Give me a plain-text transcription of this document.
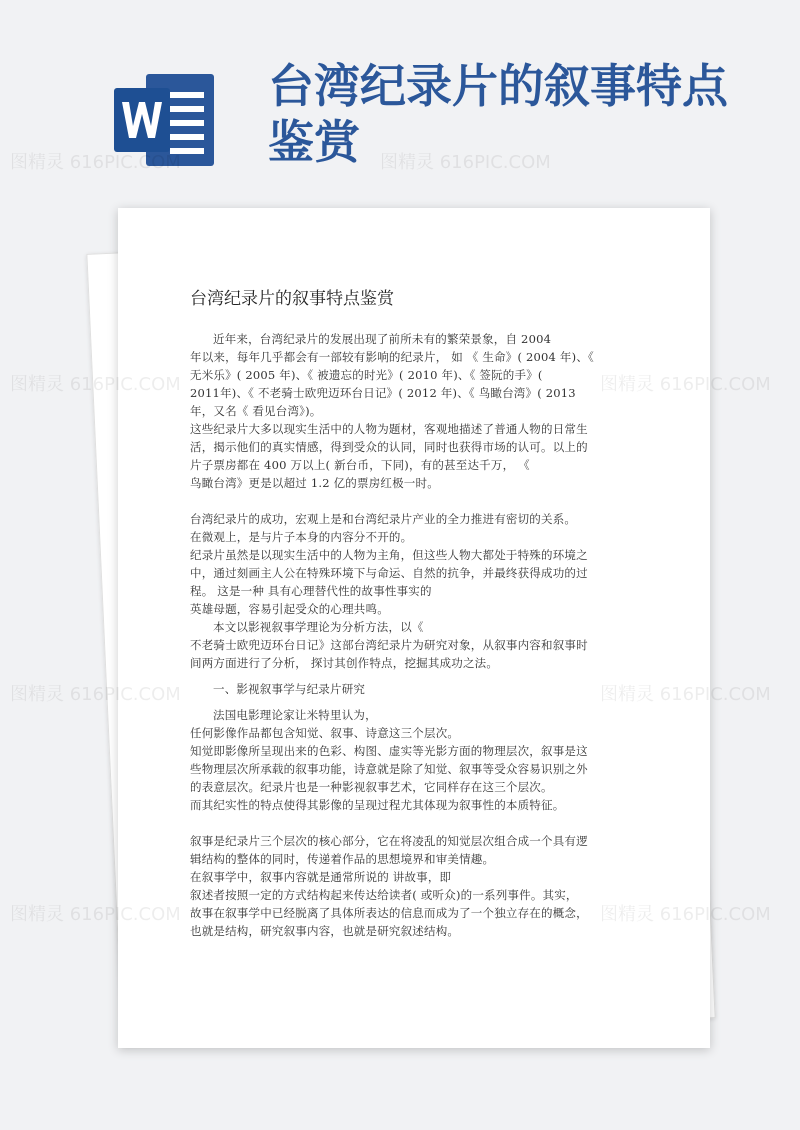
台湾纪录片的叙事特点鉴赏
台湾纪录片的叙事特点鉴赏

近年来，台湾纪录片的发展出现了前所未有的繁荣景象，自 2004

年以来，每年几乎都会有一部较有影响的纪录片， 如 《 生命》( 2004 年)、《

无米乐》( 2005 年)、《 被遗忘的时光》( 2010 年)、《 签阮的手》(

2011年)、《 不老骑士欧兜迈环台日记》( 2012 年)、《 鸟瞰台湾》( 2013

年，又名《 看见台湾》)。

这些纪录片大多以现实生活中的人物为题材，客观地描述了普通人物的日常生

活，揭示他们的真实情感，得到受众的认同，同时也获得市场的认可。以上的

片子票房都在 400 万以上( 新台币，下同)，有的甚至达千万， 《

鸟瞰台湾》更是以超过 1.2 亿的票房红极一时。

台湾纪录片的成功，宏观上是和台湾纪录片产业的全力推进有密切的关系。

在微观上，是与片子本身的内容分不开的。

纪录片虽然是以现实生活中的人物为主角，但这些人物大都处于特殊的环境之

中，通过刻画主人公在特殊环境下与命运、自然的抗争，并最终获得成功的过

程。 这是一种 具有心理替代性的故事性事实的

英雄母题，容易引起受众的心理共鸣。

本文以影视叙事学理论为分析方法，以《

不老骑士欧兜迈环台日记》这部台湾纪录片为研究对象，从叙事内容和叙事时

间两方面进行了分析， 探讨其创作特点，挖掘其成功之法。

一、影视叙事学与纪录片研究

法国电影理论家让米特里认为，

任何影像作品都包含知觉、叙事、诗意这三个层次。

知觉即影像所呈现出来的色彩、构图、虚实等光影方面的物理层次，叙事是这

些物理层次所承载的叙事功能，诗意就是除了知觉、叙事等受众容易识别之外

的表意层次。纪录片也是一种影视叙事艺术，它同样存在这三个层次。

而其纪实性的特点使得其影像的呈现过程尤其体现为叙事性的本质特征。

叙事是纪录片三个层次的核心部分，它在将凌乱的知觉层次组合成一个具有逻

辑结构的整体的同时，传递着作品的思想境界和审美情趣。

在叙事学中，叙事内容就是通常所说的 讲故事，即

叙述者按照一定的方式结构起来传达给读者( 或听众)的一系列事件。其实，

故事在叙事学中已经脱离了具体所表达的信息而成为了一个独立存在的概念，

也就是结构，研究叙事内容，也就是研究叙述结构。

图精灵 616PIC.COM	图精灵 616PIC.COM
图精灵	616PIC.COM
图精灵 616PIC.COM	616PIC.COM
图精灵 616PIC.COM	616PIC.COM
